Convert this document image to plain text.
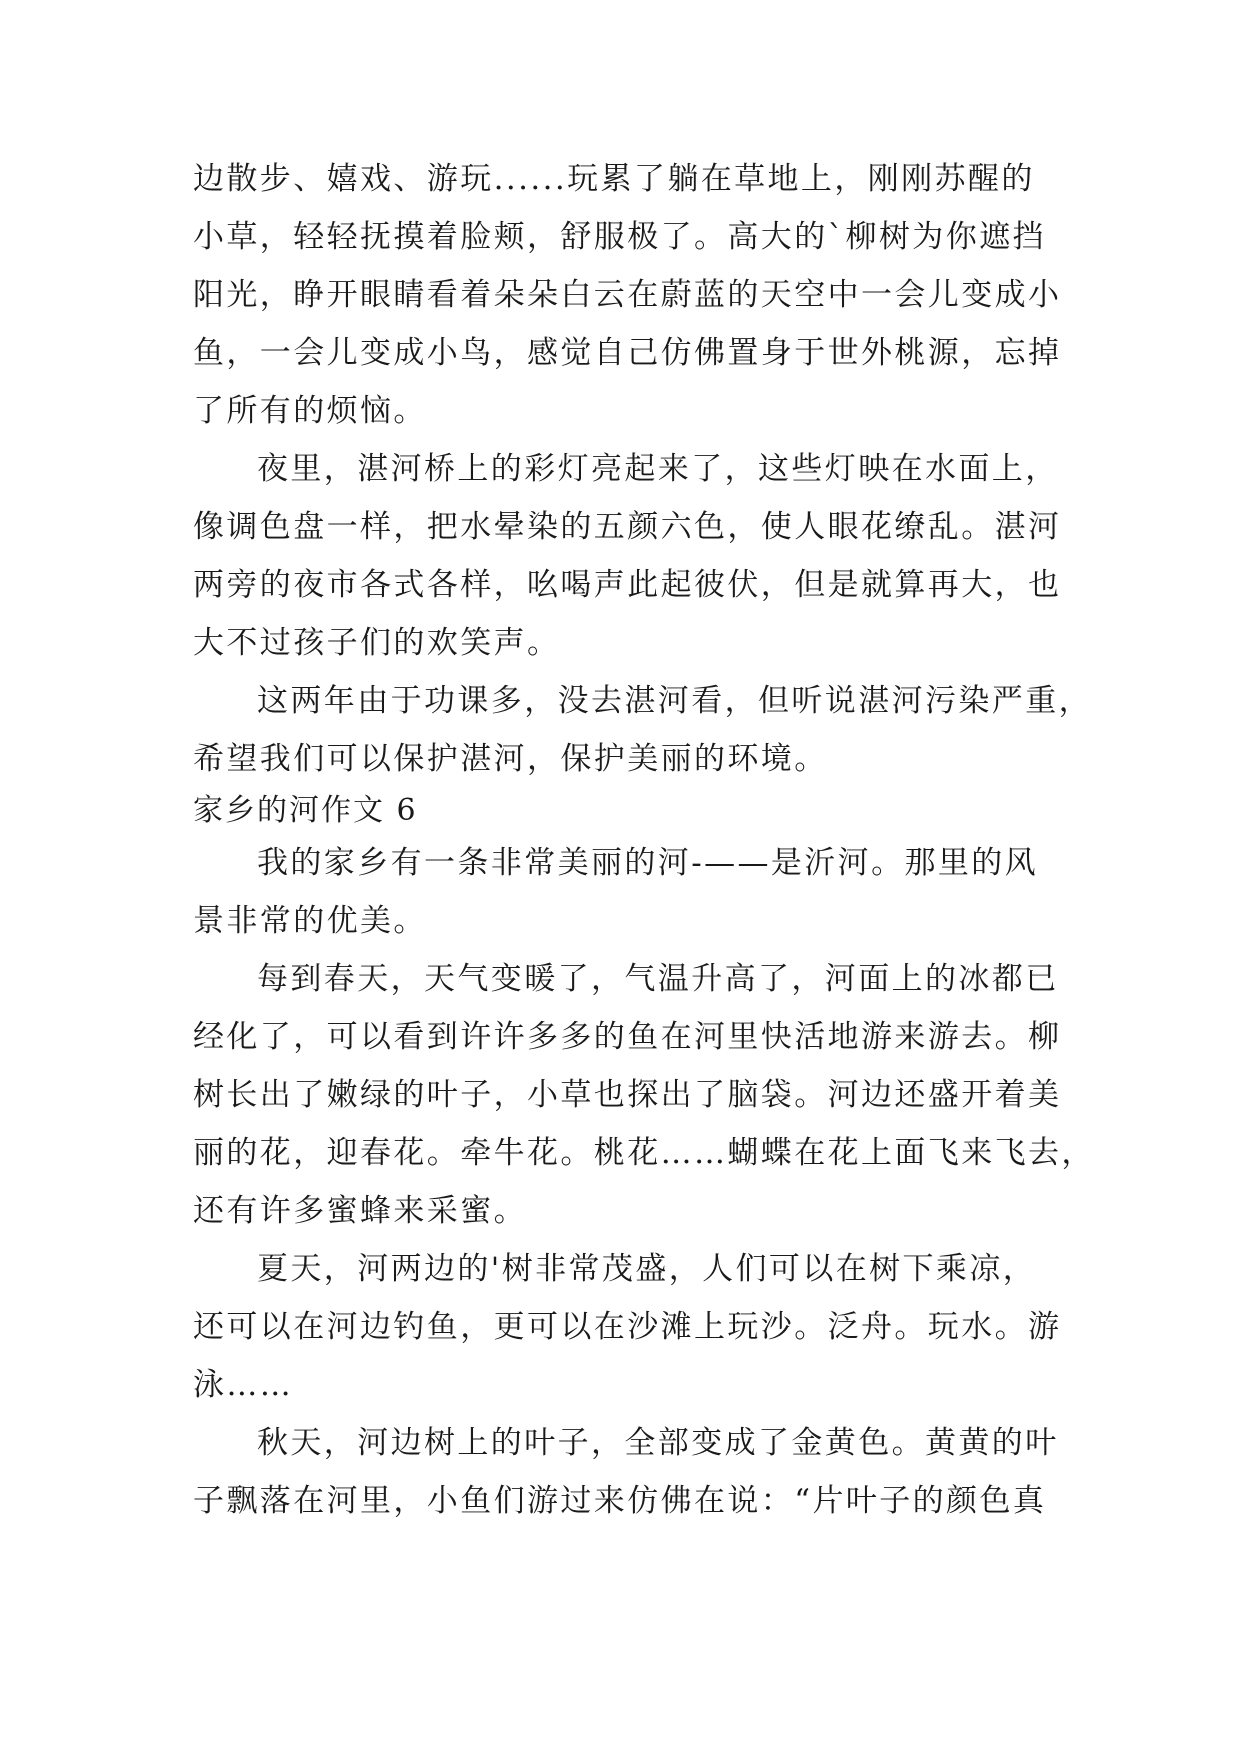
边散步、嬉戏、游玩......玩累了躺在草地上，刚刚苏醒的
小草，轻轻抚摸着脸颊，舒服极了。高大的`柳树为你遮挡
阳光，睁开眼睛看着朵朵白云在蔚蓝的天空中一会儿变成小
鱼，一会儿变成小鸟，感觉自己仿佛置身于世外桃源，忘掉
了所有的烦恼。
夜里，湛河桥上的彩灯亮起来了，这些灯映在水面上，
像调色盘一样，把水晕染的五颜六色，使人眼花缭乱。湛河
两旁的夜市各式各样，吆喝声此起彼伏，但是就算再大，也
大不过孩子们的欢笑声。
这两年由于功课多，没去湛河看，但听说湛河污染严重，
希望我们可以保护湛河，保护美丽的环境。
家乡的河作文 6
我的家乡有一条非常美丽的河-——是沂河。那里的风
景非常的优美。
每到春天，天气变暖了，气温升高了，河面上的冰都已
经化了，可以看到许许多多的鱼在河里快活地游来游去。柳
树长出了嫩绿的叶子，小草也探出了脑袋。河边还盛开着美
丽的花，迎春花。牵牛花。桃花……蝴蝶在花上面飞来飞去，
还有许多蜜蜂来采蜜。
夏天，河两边的'树非常茂盛，人们可以在树下乘凉，
还可以在河边钓鱼，更可以在沙滩上玩沙。泛舟。玩水。游
泳……
秋天，河边树上的叶子，全部变成了金黄色。黄黄的叶
子飘落在河里，小鱼们游过来仿佛在说：“片叶子的颜色真
